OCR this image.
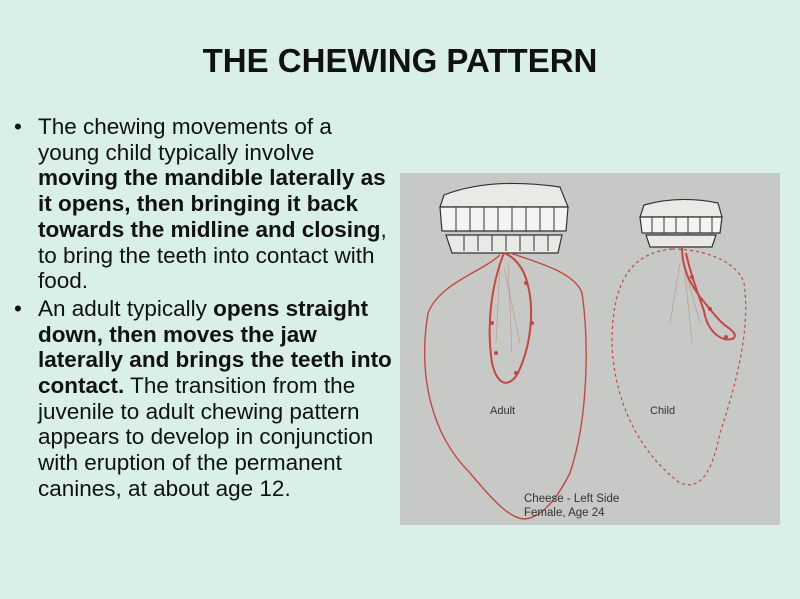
THE CHEWING PATTERN
• The chewing movements of a young child typically involve moving the mandible laterally as it opens, then bringing it back towards the midline and closing, to bring the teeth into contact with food.
• An adult typically opens straight down, then moves the jaw laterally and brings the teeth into contact. The transition from the juvenile to adult chewing pattern appears to develop in conjunction with eruption of the permanent canines, at about age 12.
Adult	Child
Cheese - Left Side
Female, Age 24
